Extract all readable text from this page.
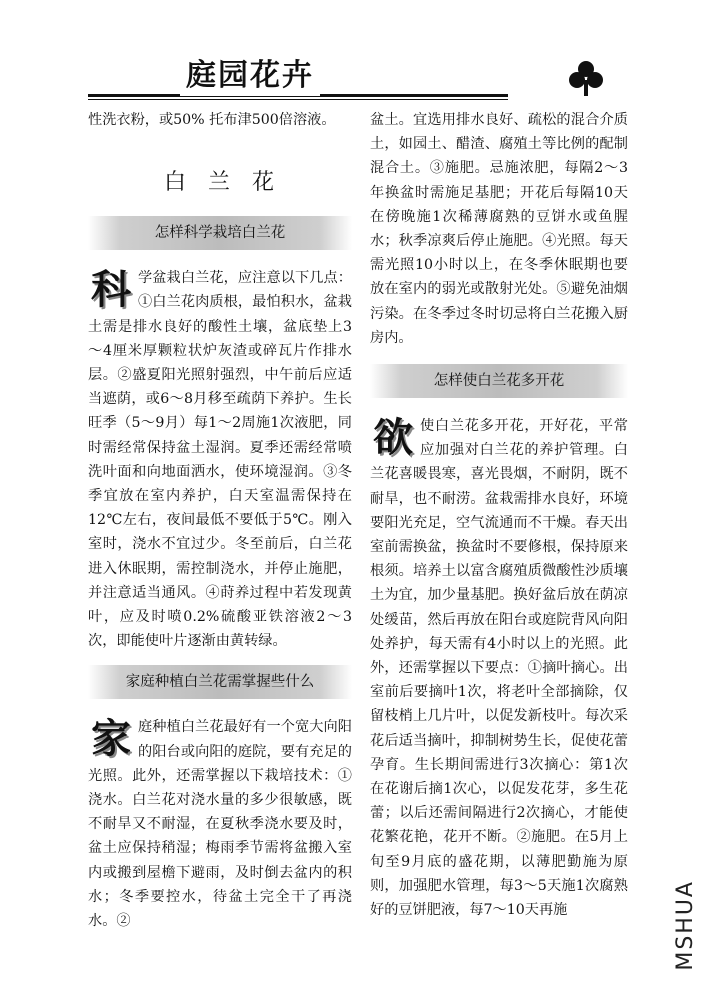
庭园花卉

性洗衣粉，或50% 托布津500倍溶液。

白兰花
怎样科学栽培白兰花

科 学盆栽白兰花，应注意以下几点：①白兰花肉质根，最怕积水，盆栽土需是排水良好的酸性土壤，盆底垫上3～4厘米厚颗粒状炉灰渣或碎瓦片作排水层。②盛夏阳光照射强烈，中午前后应适当遮荫，或6～8月移至疏荫下养护。生长旺季（5～9月）每1～2周施1次液肥，同时需经常保持盆土湿润。夏季还需经常喷洗叶面和向地面洒水，使环境湿润。③冬季宜放在室内养护，白天室温需保持在12℃左右，夜间最低不要低于5℃。刚入室时，浇水不宜过少。冬至前后，白兰花进入休眠期，需控制浇水，并停止施肥，并注意适当通风。④莳养过程中若发现黄叶，应及时喷0.2%硫酸亚铁溶液2～3次，即能使叶片逐渐由黄转绿。

家庭种植白兰花需掌握些什么

家 庭种植白兰花最好有一个宽大向阳的阳台或向阳的庭院，要有充足的光照。此外，还需掌握以下栽培技术：①浇水。白兰花对浇水量的多少很敏感，既不耐旱又不耐湿，在夏秋季浇水要及时，盆土应保持稍湿；梅雨季节需将盆搬入室内或搬到屋檐下避雨，及时倒去盆内的积水；冬季要控水，待盆土完全干了再浇水。②

盆土。宜选用排水良好、疏松的混合介质土，如园土、醋渣、腐殖土等比例的配制混合土。③施肥。忌施浓肥，每隔2～3年换盆时需施足基肥；开花后每隔10天在傍晚施1次稀薄腐熟的豆饼水或鱼腥水；秋季凉爽后停止施肥。④光照。每天需光照10小时以上，在冬季休眠期也要放在室内的弱光或散射光处。⑤避免油烟污染。在冬季过冬时切忌将白兰花搬入厨房内。

怎样使白兰花多开花

欲 使白兰花多开花，开好花，平常应加强对白兰花的养护管理。白兰花喜暖畏寒，喜光畏烟，不耐阴，既不耐旱，也不耐涝。盆栽需排水良好，环境要阳光充足，空气流通而不干燥。春天出室前需换盆，换盆时不要修根，保持原来根须。培养土以富含腐殖质微酸性沙质壤土为宜，加少量基肥。换好盆后放在荫凉处缓苗，然后再放在阳台或庭院背风向阳处养护，每天需有4小时以上的光照。此外，还需掌握以下要点：①摘叶摘心。出室前后要摘叶1次，将老叶全部摘除，仅留枝梢上几片叶，以促发新枝叶。每次采花后适当摘叶，抑制树势生长，促使花蕾孕育。生长期间需进行3次摘心：第1次在花谢后摘1次心，以促发花芽，多生花蕾；以后还需间隔进行2次摘心，才能使花繁花艳，花开不断。②施肥。在5月上旬至9月底的盛花期，以薄肥勤施为原则，加强肥水管理，每3～5天施1次腐熟好的豆饼肥液，每7～10天再施	MSHUA
